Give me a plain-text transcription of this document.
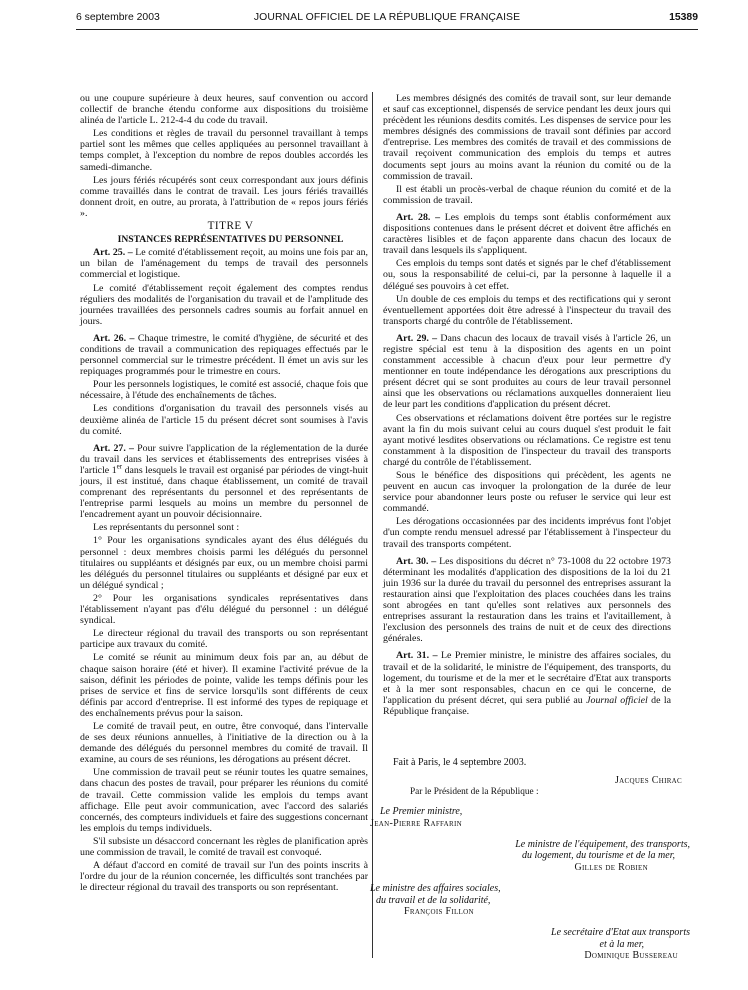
6 septembre 2003	JOURNAL OFFICIEL DE LA RÉPUBLIQUE FRANÇAISE	15389

ou une coupure supérieure à deux heures, sauf convention ou accord collectif de branche étendu conforme aux dispositions du troisième alinéa de l'article L. 212-4-4 du code du travail.

Les conditions et règles de travail du personnel travaillant à temps partiel sont les mêmes que celles appliquées au personnel travaillant à temps complet, à l'exception du nombre de repos doubles accordés les samedi-dimanche.

Les jours fériés récupérés sont ceux correspondant aux jours définis comme travaillés dans le contrat de travail. Les jours fériés travaillés donnent droit, en outre, au prorata, à l'attribution de « repos jours fériés ».

TITRE V

INSTANCES REPRÉSENTATIVES DU PERSONNEL

Art. 25. – Le comité d'établissement reçoit, au moins une fois par an, un bilan de l'aménagement du temps de travail des personnels commercial et logistique.

Le comité d'établissement reçoit également des comptes rendus réguliers des modalités de l'organisation du travail et de l'amplitude des journées travaillées des personnels cadres soumis au forfait annuel en jours.

Art. 26. – Chaque trimestre, le comité d'hygiène, de sécurité et des conditions de travail a communication des repiquages effectués par le personnel commercial sur le trimestre précédent. Il émet un avis sur les repiquages programmés pour le trimestre en cours.

Pour les personnels logistiques, le comité est associé, chaque fois que nécessaire, à l'étude des enchaînements de tâches.

Les conditions d'organisation du travail des personnels visés au deuxième alinéa de l'article 15 du présent décret sont soumises à l'avis du comité.

Art. 27. – Pour suivre l'application de la réglementation de la durée du travail dans les services et établissements des entreprises visées à l'article 1er dans lesquels le travail est organisé par périodes de vingt-huit jours, il est institué, dans chaque établissement, un comité de travail comprenant des représentants du personnel et des représentants de l'entreprise parmi lesquels au moins un membre du personnel de l'encadrement ayant un pouvoir décisionnaire.

Les représentants du personnel sont :

1° Pour les organisations syndicales ayant des élus délégués du personnel : deux membres choisis parmi les délégués du personnel titulaires ou suppléants et désignés par eux, ou un membre choisi parmi les délégués du personnel titulaires ou suppléants et désigné par eux et un délégué syndical ;

2° Pour les organisations syndicales représentatives dans l'établissement n'ayant pas d'élu délégué du personnel : un délégué syndical.

Le directeur régional du travail des transports ou son représentant participe aux travaux du comité.

Le comité se réunit au minimum deux fois par an, au début de chaque saison horaire (été et hiver). Il examine l'activité prévue de la saison, définit les périodes de pointe, valide les temps définis pour les prises de service et fins de service lorsqu'ils sont différents de ceux définis par accord d'entreprise. Il est informé des types de repiquage et des enchaînements prévus pour la saison.

Le comité de travail peut, en outre, être convoqué, dans l'intervalle de ses deux réunions annuelles, à l'initiative de la direction ou à la demande des délégués du personnel membres du comité de travail. Il examine, au cours de ses réunions, les dérogations au présent décret.

Une commission de travail peut se réunir toutes les quatre semaines, dans chacun des postes de travail, pour préparer les réunions du comité de travail. Cette commission valide les emplois du temps avant affichage. Elle peut avoir communication, avec l'accord des salariés concernés, des compteurs individuels et faire des suggestions concernant les emplois du temps individuels.

S'il subsiste un désaccord concernant les règles de planification après une commission de travail, le comité de travail est convoqué.

A défaut d'accord en comité de travail sur l'un des points inscrits à l'ordre du jour de la réunion concernée, les difficultés sont tranchées par le directeur régional du travail des transports ou son représentant.

Les membres désignés des comités de travail sont, sur leur demande et sauf cas exceptionnel, dispensés de service pendant les deux jours qui précèdent les réunions desdits comités. Les dispenses de service pour les membres désignés des commissions de travail sont définies par accord d'entreprise. Les membres des comités de travail et des commissions de travail reçoivent communication des emplois du temps et autres documents sept jours au moins avant la réunion du comité ou de la commission de travail.

Il est établi un procès-verbal de chaque réunion du comité et de la commission de travail.

Art. 28. – Les emplois du temps sont établis conformément aux dispositions contenues dans le présent décret et doivent être affichés en caractères lisibles et de façon apparente dans chacun des locaux de travail dans lesquels ils s'appliquent.

Ces emplois du temps sont datés et signés par le chef d'établissement ou, sous la responsabilité de celui-ci, par la personne à laquelle il a délégué ses pouvoirs à cet effet.

Un double de ces emplois du temps et des rectifications qui y seront éventuellement apportées doit être adressé à l'inspecteur du travail des transports chargé du contrôle de l'établissement.

Art. 29. – Dans chacun des locaux de travail visés à l'article 26, un registre spécial est tenu à la disposition des agents en un point constamment accessible à chacun d'eux pour leur permettre d'y mentionner en toute indépendance les dérogations aux prescriptions du présent décret qui se sont produites au cours de leur travail personnel ainsi que les observations ou réclamations auxquelles donneraient lieu de leur part les conditions d'application du présent décret.

Ces observations et réclamations doivent être portées sur le registre avant la fin du mois suivant celui au cours duquel s'est produit le fait ayant motivé lesdites observations ou réclamations. Ce registre est tenu constamment à la disposition de l'inspecteur du travail des transports chargé du contrôle de l'établissement.

Sous le bénéfice des dispositions qui précèdent, les agents ne peuvent en aucun cas invoquer la prolongation de la durée de leur service pour abandonner leurs poste ou refuser le service qui leur est commandé.

Les dérogations occasionnées par des incidents imprévus font l'objet d'un compte rendu mensuel adressé par l'établissement à l'inspecteur du travail des transports compétent.

Art. 30. – Les dispositions du décret n° 73-1008 du 22 octobre 1973 déterminant les modalités d'application des dispositions de la loi du 21 juin 1936 sur la durée du travail du personnel des entreprises assurant la restauration ainsi que l'exploitation des places couchées dans les trains sont abrogées en tant qu'elles sont relatives aux personnels des entreprises assurant la restauration dans les trains et l'avitaillement, à l'exclusion des personnels des trains de nuit et de ceux des directions générales.

Art. 31. – Le Premier ministre, le ministre des affaires sociales, du travail et de la solidarité, le ministre de l'équipement, des transports, du logement, du tourisme et de la mer et le secrétaire d'Etat aux transports et à la mer sont responsables, chacun en ce qui le concerne, de l'application du présent décret, qui sera publié au Journal officiel de la République française.

Fait à Paris, le 4 septembre 2003.
Jacques Chirac
Par le Président de la République :
Le Premier ministre,
Jean-Pierre Raffarin
Le ministre de l'équipement, des transports,
du logement, du tourisme et de la mer,
Gilles de Robien
Le ministre des affaires sociales,
du travail et de la solidarité,
François Fillon
Le secrétaire d'Etat aux transports
et à la mer,
Dominique Bussereau
